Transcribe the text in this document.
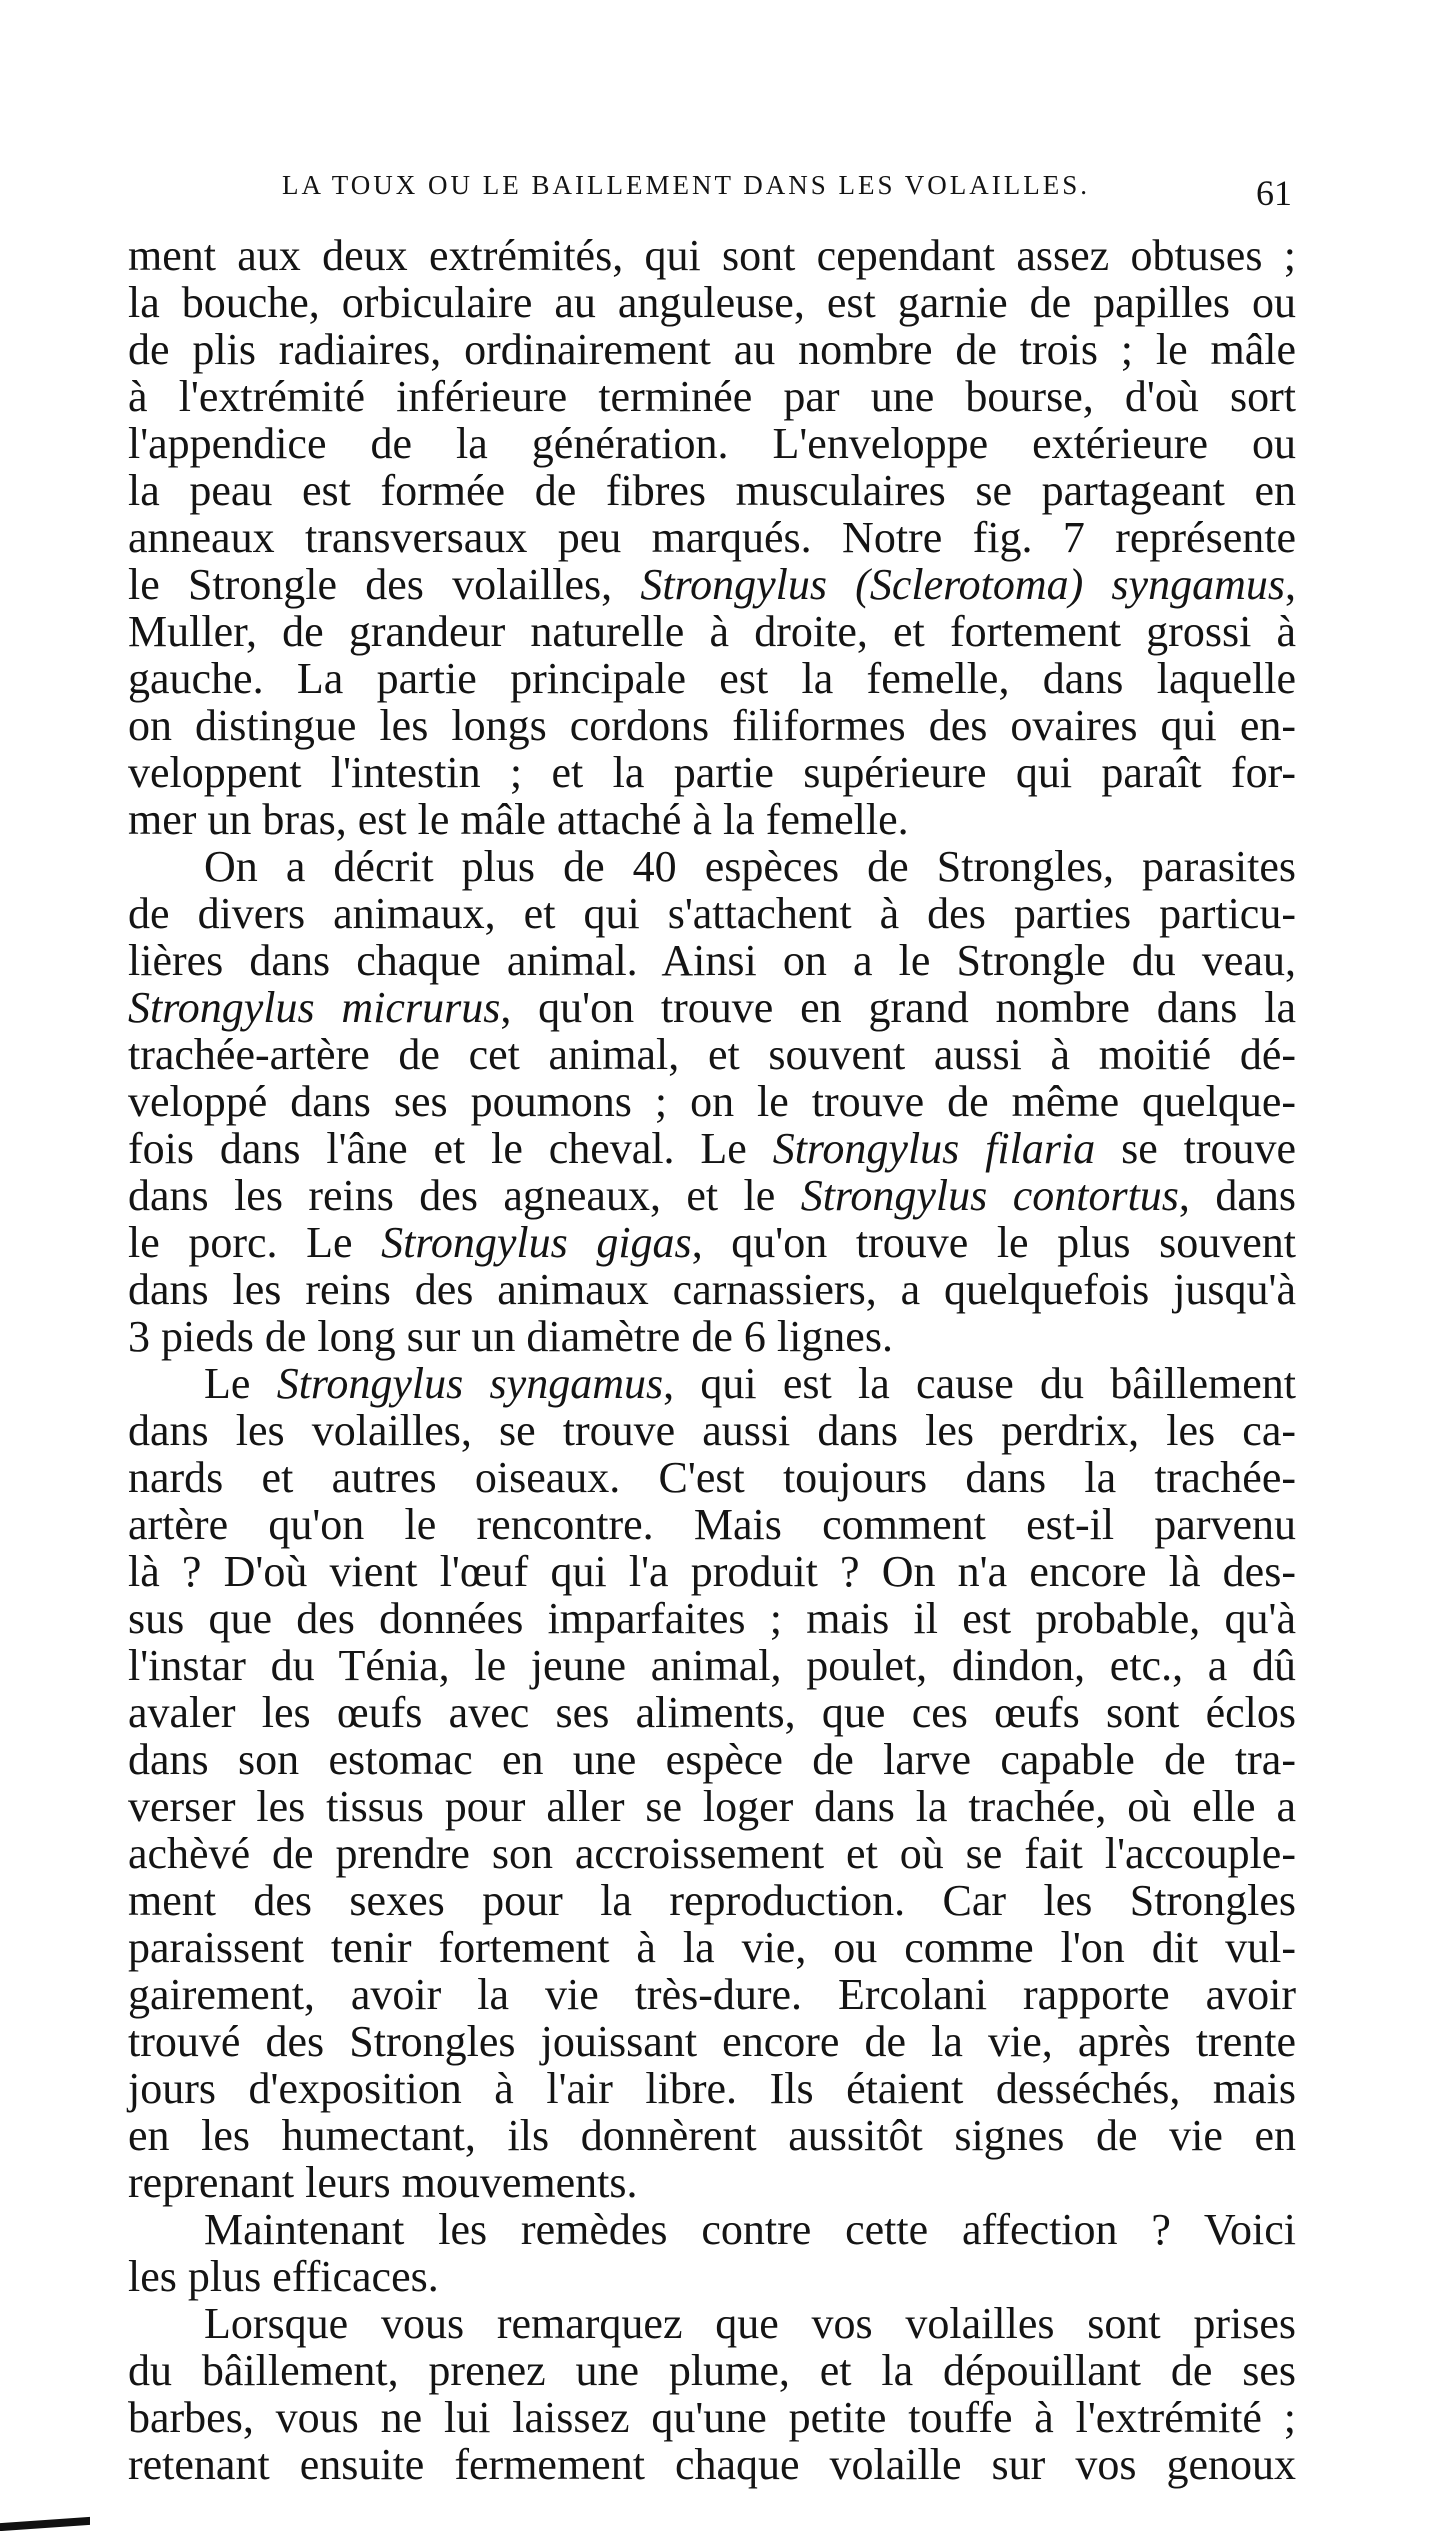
LA TOUX OU LE BAILLEMENT DANS LES VOLAILLES.	61
ment aux deux extrémités, qui sont cependant assez obtuses ;
la bouche, orbiculaire au anguleuse, est garnie de papilles ou
de plis radiaires, ordinairement au nombre de trois ; le mâle
à l'extrémité inférieure terminée par une bourse, d'où sort
l'appendice de la génération. L'enveloppe extérieure ou
la peau est formée de fibres musculaires se partageant en
anneaux transversaux peu marqués. Notre fig. 7 représente
le Strongle des volailles, Strongylus (Sclerotoma) syngamus,
Muller, de grandeur naturelle à droite, et fortement grossi à
gauche. La partie principale est la femelle, dans laquelle
on distingue les longs cordons filiformes des ovaires qui en-
veloppent l'intestin ; et la partie supérieure qui paraît for-
mer un bras, est le mâle attaché à la femelle.
On a décrit plus de 40 espèces de Strongles, parasites
de divers animaux, et qui s'attachent à des parties particu-
lières dans chaque animal. Ainsi on a le Strongle du veau,
Strongylus micrurus, qu'on trouve en grand nombre dans la
trachée-artère de cet animal, et souvent aussi à moitié dé-
veloppé dans ses poumons ; on le trouve de même quelque-
fois dans l'âne et le cheval. Le Strongylus filaria se trouve
dans les reins des agneaux, et le Strongylus contortus, dans
le porc. Le Strongylus gigas, qu'on trouve le plus souvent
dans les reins des animaux carnassiers, a quelquefois jusqu'à
3 pieds de long sur un diamètre de 6 lignes.
Le Strongylus syngamus, qui est la cause du bâillement
dans les volailles, se trouve aussi dans les perdrix, les ca-
nards et autres oiseaux. C'est toujours dans la trachée-
artère qu'on le rencontre. Mais comment est-il parvenu
là ? D'où vient l'œuf qui l'a produit ? On n'a encore là des-
sus que des données imparfaites ; mais il est probable, qu'à
l'instar du Ténia, le jeune animal, poulet, dindon, etc., a dû
avaler les œufs avec ses aliments, que ces œufs sont éclos
dans son estomac en une espèce de larve capable de tra-
verser les tissus pour aller se loger dans la trachée, où elle a
achèvé de prendre son accroissement et où se fait l'accouple-
ment des sexes pour la reproduction. Car les Strongles
paraissent tenir fortement à la vie, ou comme l'on dit vul-
gairement, avoir la vie très-dure. Ercolani rapporte avoir
trouvé des Strongles jouissant encore de la vie, après trente
jours d'exposition à l'air libre. Ils étaient desséchés, mais
en les humectant, ils donnèrent aussitôt signes de vie en
reprenant leurs mouvements.
Maintenant les remèdes contre cette affection ? Voici
les plus efficaces.
Lorsque vous remarquez que vos volailles sont prises
du bâillement, prenez une plume, et la dépouillant de ses
barbes, vous ne lui laissez qu'une petite touffe à l'extrémité ;
retenant ensuite fermement chaque volaille sur vos genoux
